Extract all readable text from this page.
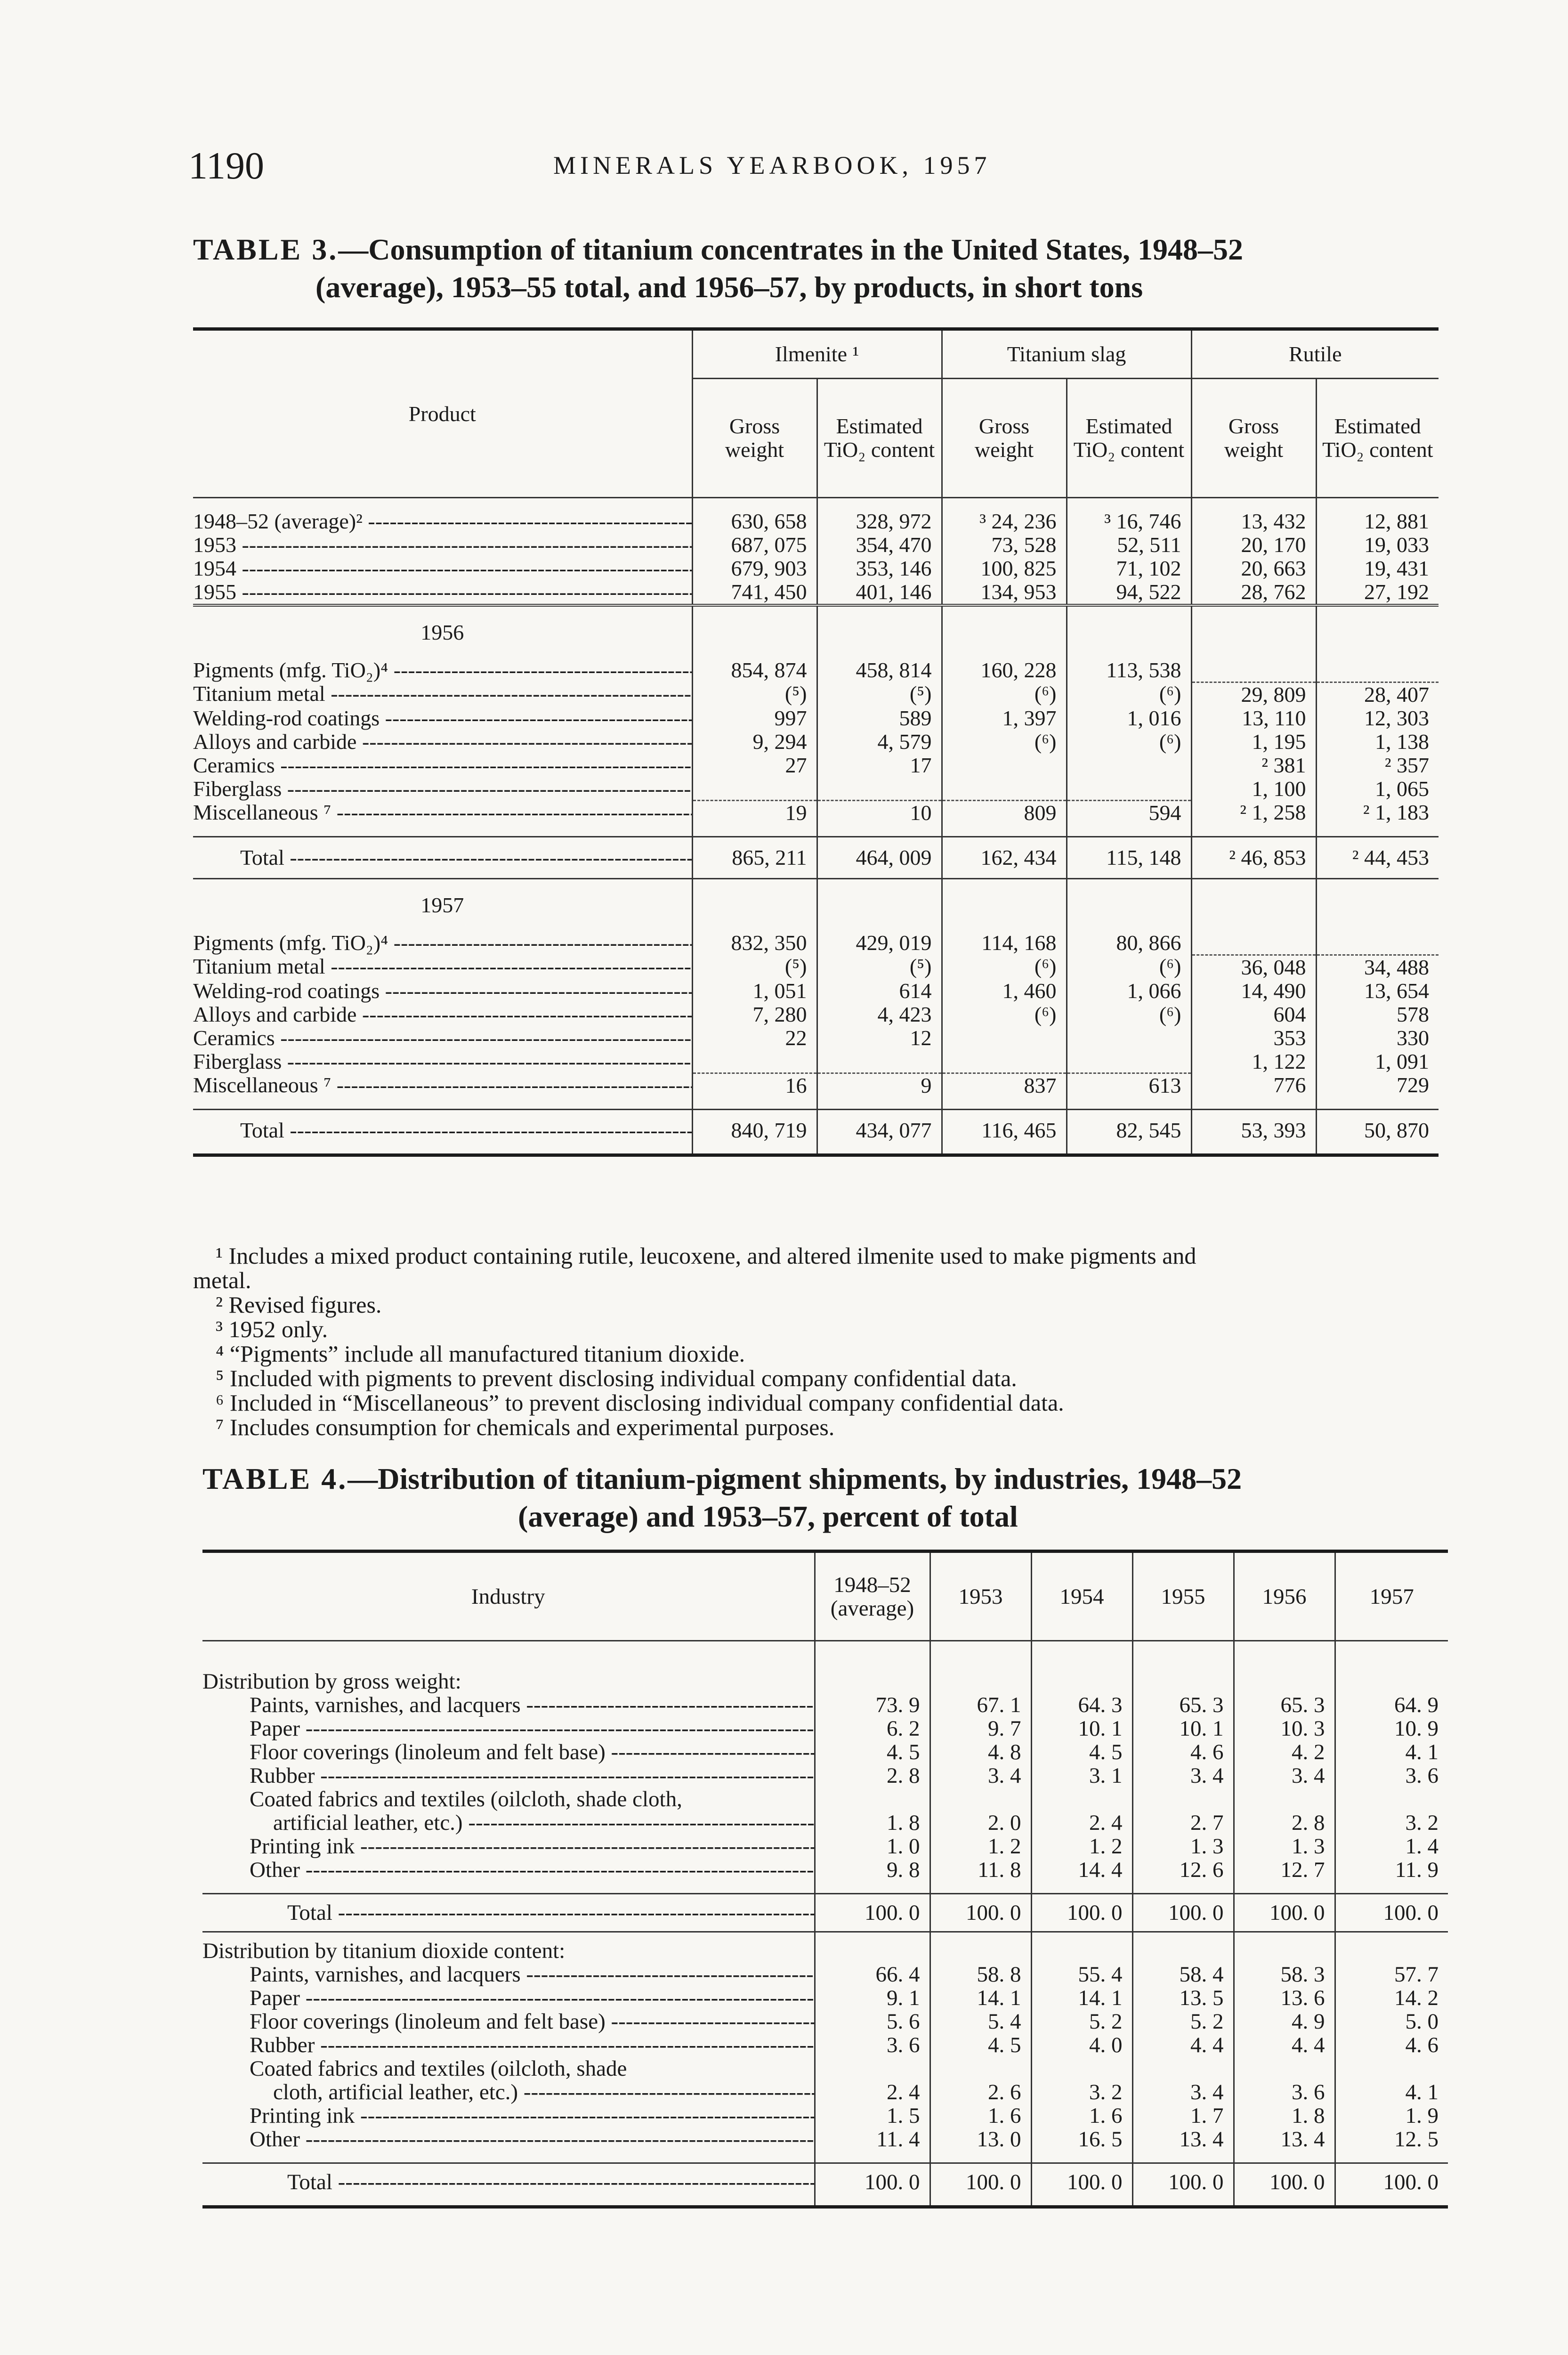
1190	MINERALS YEARBOOK, 1957
TABLE 3.—Consumption of titanium concentrates in the United States, 1948–52
(average), 1953–55 total, and 1956–57, by products, in short tons
Product	Ilmenite ¹		Titanium slag		Rutile	
	Gross weight	Estimated TiO₂ content	Gross weight	Estimated TiO₂ content	Gross weight	Estimated TiO₂ content

1948–52 (average)² -----	630, 658	328, 972	³ 24, 236	³ 16, 746	13, 432	12, 881
1953 -----	687, 075	354, 470	73, 528	52, 511	20, 170	19, 033
1954 -----	679, 903	353, 146	100, 825	71, 102	20, 663	19, 431
1955 -----	741, 450	401, 146	134, 953	94, 522	28, 762	27, 192
1956						
Pigments (mfg. TiO₂)⁴ -----	854, 874	458, 814	160, 228	113, 538		
Titanium metal -----	(⁵)	(⁵)	(⁶)	(⁶)	29, 809	28, 407
Welding-rod coatings -----	997	589	1, 397	1, 016	13, 110	12, 303
Alloys and carbide -----	9, 294	4, 579	(⁶)	(⁶)	1, 195	1, 138
Ceramics -----	27	17			² 381	² 357
Fiberglass -----					1, 100	1, 065
Miscellaneous ⁷ -----	19	10	809	594	² 1, 258	² 1, 183

Total -----	865, 211	464, 009	162, 434	115, 148	² 46, 853	² 44, 453
1957						
Pigments (mfg. TiO₂)⁴ -----	832, 350	429, 019	114, 168	80, 866		
Titanium metal -----	(⁵)	(⁵)	(⁶)	(⁶)	36, 048	34, 488
Welding-rod coatings -----	1, 051	614	1, 460	1, 066	14, 490	13, 654
Alloys and carbide -----	7, 280	4, 423	(⁶)	(⁶)	604	578
Ceramics -----	22	12			353	330
Fiberglass -----					1, 122	1, 091
Miscellaneous ⁷ -----	16	9	837	613	776	729

Total -----	840, 719	434, 077	116, 465	82, 545	53, 393	50, 870
¹ Includes a mixed product containing rutile, leucoxene, and altered ilmenite used to make pigments and
metal.
² Revised figures.
³ 1952 only.
⁴ “Pigments” include all manufactured titanium dioxide.
⁵ Included with pigments to prevent disclosing individual company confidential data.
⁶ Included in “Miscellaneous” to prevent disclosing individual company confidential data.
⁷ Includes consumption for chemicals and experimental purposes.
TABLE 4.—Distribution of titanium-pigment shipments, by industries, 1948–52
(average) and 1953–57, percent of total
Industry	1948–52 (average)	1953	1954	1955	1956	1957

Distribution by gross weight:						
Paints, varnishes, and lacquers -----	73. 9	67. 1	64. 3	65. 3	65. 3	64. 9
Paper -----	6. 2	9. 7	10. 1	10. 1	10. 3	10. 9
Floor coverings (linoleum and felt base) -----	4. 5	4. 8	4. 5	4. 6	4. 2	4. 1
Rubber -----	2. 8	3. 4	3. 1	3. 4	3. 4	3. 6

Coated fabrics and textiles (oilcloth, shade cloth,
artificial leather, etc.) -----	1. 8	2. 0	2. 4	2. 7	2. 8	3. 2
Printing ink -----	1. 0	1. 2	1. 2	1. 3	1. 3	1. 4
Other -----	9. 8	11. 8	14. 4	12. 6	12. 7	11. 9

Total -----	100. 0	100. 0	100. 0	100. 0	100. 0	100. 0
Distribution by titanium dioxide content:						
Paints, varnishes, and lacquers -----	66. 4	58. 8	55. 4	58. 4	58. 3	57. 7
Paper -----	9. 1	14. 1	14. 1	13. 5	13. 6	14. 2
Floor coverings (linoleum and felt base) -----	5. 6	5. 4	5. 2	5. 2	4. 9	5. 0
Rubber -----	3. 6	4. 5	4. 0	4. 4	4. 4	4. 6

Coated fabrics and textiles (oilcloth, shade
cloth, artificial leather, etc.) -----	2. 4	2. 6	3. 2	3. 4	3. 6	4. 1
Printing ink -----	1. 5	1. 6	1. 6	1. 7	1. 8	1. 9
Other -----	11. 4	13. 0	16. 5	13. 4	13. 4	12. 5

Total -----	100. 0	100. 0	100. 0	100. 0	100. 0	100. 0
